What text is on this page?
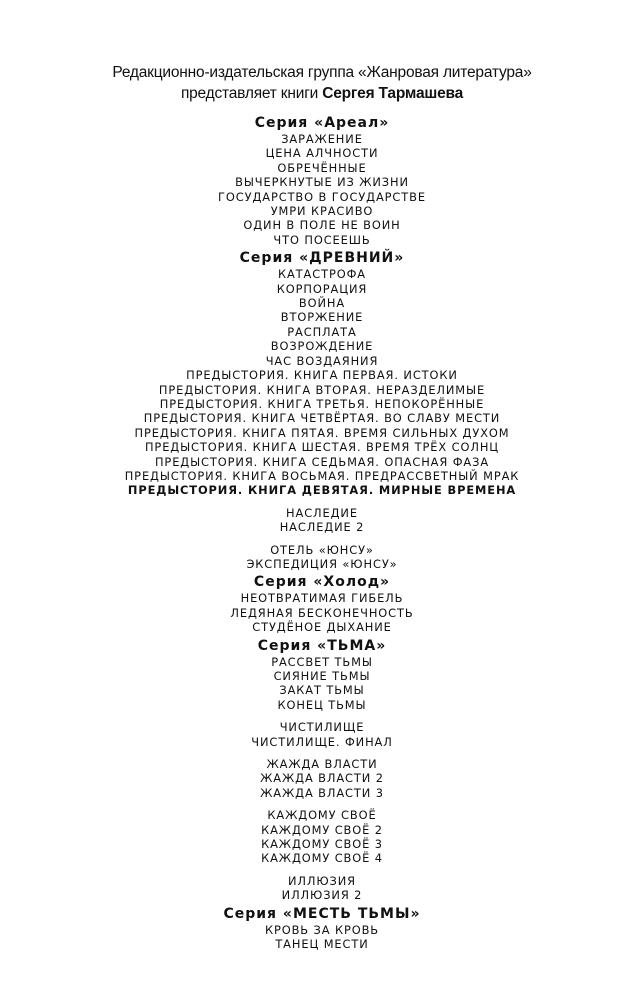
Редакционно-издательская группа «Жанровая литература»
представляет книги Сергея Тармашева
Серия «Ареал»
ЗАРАЖЕНИЕ
ЦЕНА АЛЧНОСТИ
ОБРЕЧЁННЫЕ
ВЫЧЕРКНУТЫЕ ИЗ ЖИЗНИ
ГОСУДАРСТВО В ГОСУДАРСТВЕ
УМРИ КРАСИВО
ОДИН В ПОЛЕ НЕ ВОИН
ЧТО ПОСЕЕШЬ
Серия «ДРЕВНИЙ»
КАТАСТРОФА
КОРПОРАЦИЯ
ВОЙНА
ВТОРЖЕНИЕ
РАСПЛАТА
ВОЗРОЖДЕНИЕ
ЧАС ВОЗДАЯНИЯ
ПРЕДЫСТОРИЯ. КНИГА ПЕРВАЯ. ИСТОКИ
ПРЕДЫСТОРИЯ. КНИГА ВТОРАЯ. НЕРАЗДЕЛИМЫЕ
ПРЕДЫСТОРИЯ. КНИГА ТРЕТЬЯ. НЕПОКОРЁННЫЕ
ПРЕДЫСТОРИЯ. КНИГА ЧЕТВЁРТАЯ. ВО СЛАВУ МЕСТИ
ПРЕДЫСТОРИЯ. КНИГА ПЯТАЯ. ВРЕМЯ СИЛЬНЫХ ДУХОМ
ПРЕДЫСТОРИЯ. КНИГА ШЕСТАЯ. ВРЕМЯ ТРЁХ СОЛНЦ
ПРЕДЫСТОРИЯ. КНИГА СЕДЬМАЯ. ОПАСНАЯ ФАЗА
ПРЕДЫСТОРИЯ. КНИГА ВОСЬМАЯ. ПРЕДРАССВЕТНЫЙ МРАК
ПРЕДЫСТОРИЯ. КНИГА ДЕВЯТАЯ. МИРНЫЕ ВРЕМЕНА
НАСЛЕДИЕ
НАСЛЕДИЕ 2
ОТЕЛЬ «ЮНСУ»
ЭКСПЕДИЦИЯ «ЮНСУ»
Серия «Холод»
НЕОТВРАТИМАЯ ГИБЕЛЬ
ЛЕДЯНАЯ БЕСКОНЕЧНОСТЬ
СТУДЁНОЕ ДЫХАНИЕ
Серия «ТЬМА»
РАССВЕТ ТЬМЫ
СИЯНИЕ ТЬМЫ
ЗАКАТ ТЬМЫ
КОНЕЦ ТЬМЫ
ЧИСТИЛИЩЕ
ЧИСТИЛИЩЕ. ФИНАЛ
ЖАЖДА ВЛАСТИ
ЖАЖДА ВЛАСТИ 2
ЖАЖДА ВЛАСТИ 3
КАЖДОМУ СВОЁ
КАЖДОМУ СВОЁ 2
КАЖДОМУ СВОЁ 3
КАЖДОМУ СВОЁ 4
ИЛЛЮЗИЯ
ИЛЛЮЗИЯ 2
Серия «МЕСТЬ ТЬМЫ»
КРОВЬ ЗА КРОВЬ
ТАНЕЦ МЕСТИ
